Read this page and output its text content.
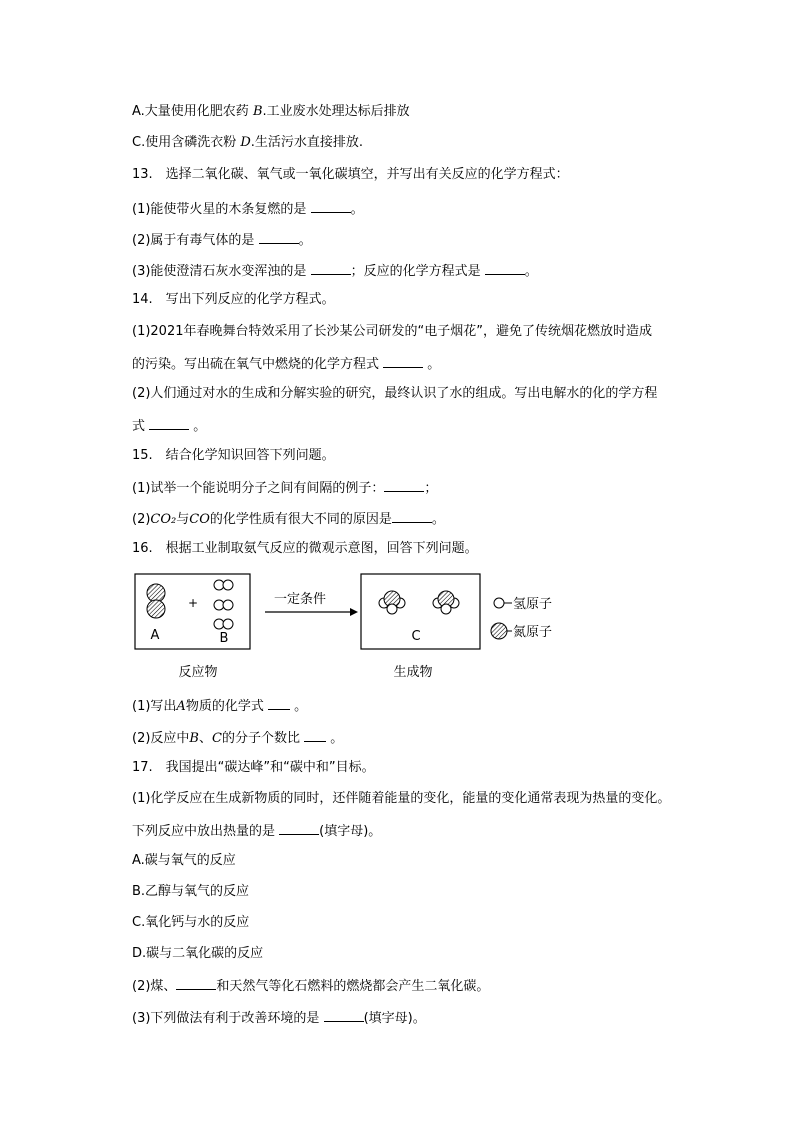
A.大量使用化肥农药 B.工业废水处理达标后排放
C.使用含磷洗衣粉 D.生活污水直接排放.
13.　选择二氧化碳、氧气或一氧化碳填空，并写出有关反应的化学方程式：
(1)能使带火星的木条复燃的是	。
(2)属于有毒气体的是	。
(3)能使澄清石灰水变浑浊的是	；反应的化学方程式是	。
14.　写出下列反应的化学方程式。
(1)2021年春晚舞台特效采用了长沙某公司研发的“电子烟花”，避免了传统烟花燃放时造成
的污染。写出硫在氧气中燃烧的化学方程式	。
(2)人们通过对水的生成和分解实验的研究，最终认识了水的组成。写出电解水的化的学方程
式	。
15.　结合化学知识回答下列问题。
(1)试举一个能说明分子之间有间隔的例子：	；
(2)CO₂与CO的化学性质有很大不同的原因是	。
16.　根据工业制取氨气反应的微观示意图，回答下列问题。
A
+
B
一定条件
C
氢原子
氮原子
反应物	生成物
(1)写出A物质的化学式  。
(2)反应中B、C的分子个数比  。
17.　我国提出“碳达峰”和“碳中和”目标。
(1)化学反应在生成新物质的同时，还伴随着能量的变化，能量的变化通常表现为热量的变化。
下列反应中放出热量的是	(填字母)。
A.碳与氧气的反应
B.乙醇与氧气的反应
C.氧化钙与水的反应
D.碳与二氧化碳的反应
(2)煤、	和天然气等化石燃料的燃烧都会产生二氧化碳。
(3)下列做法有利于改善环境的是	(填字母)。
